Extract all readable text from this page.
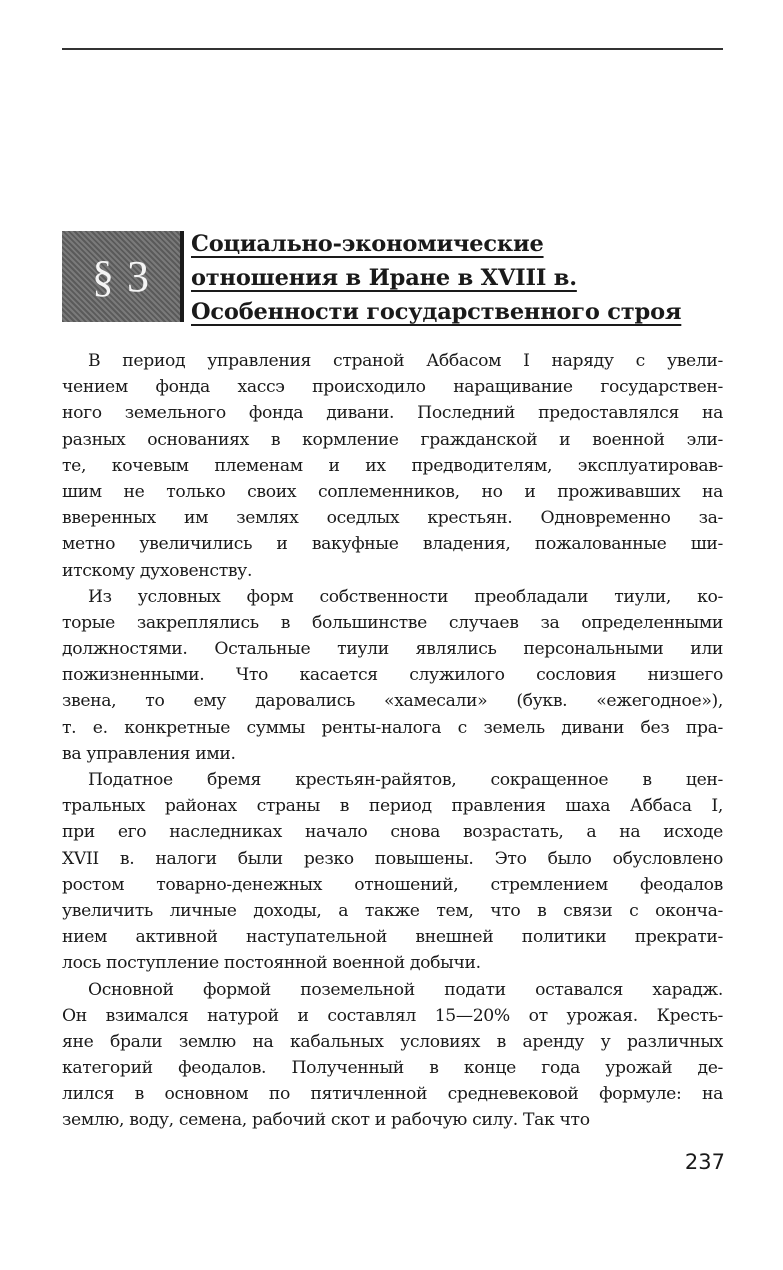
§ 3
Социально-экономические
отношения в Иране в XVIII в.
Особенности государственного строя
В период управления страной Аббасом I наряду с увели-
чением фонда хассэ происходило наращивание государствен-
ного земельного фонда дивани. Последний предоставлялся на
разных основаниях в кормление гражданской и военной эли-
те, кочевым племенам и их предводителям, эксплуатировав-
шим не только своих соплеменников, но и проживавших на
вверенных им землях оседлых крестьян. Одновременно за-
метно увеличились и вакуфные владения, пожалованные ши-
итскому духовенству.
Из условных форм собственности преобладали тиули, ко-
торые закреплялись в большинстве случаев за определенными
должностями. Остальные тиули являлись персональными или
пожизненными. Что касается служилого сословия низшего
звена, то ему даровались «хамесали» (букв. «ежегодное»),
т. е. конкретные суммы ренты-налога с земель дивани без пра-
ва управления ими.
Податное бремя крестьян-райятов, сокращенное в цен-
тральных районах страны в период правления шаха Аббаса I,
при его наследниках начало снова возрастать, а на исходе
XVII в. налоги были резко повышены. Это было обусловлено
ростом товарно-денежных отношений, стремлением феодалов
увеличить личные доходы, а также тем, что в связи с оконча-
нием активной наступательной внешней политики прекрати-
лось поступление постоянной военной добычи.
Основной формой поземельной подати оставался харадж.
Он взимался натурой и составлял 15—20% от урожая. Кресть-
яне брали землю на кабальных условиях в аренду у различных
категорий феодалов. Полученный в конце года урожай де-
лился в основном по пятичленной средневековой формуле: на
землю, воду, семена, рабочий скот и рабочую силу. Так что
237
